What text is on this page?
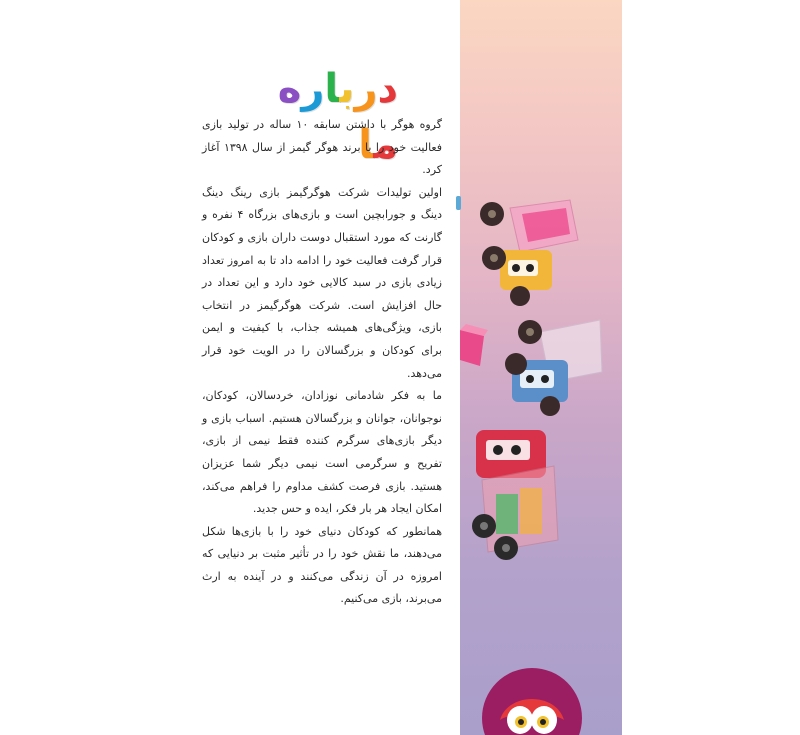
درباره ما

گروه هوگر با داشتن سابقه ۱۰ ساله در تولید بازی فعالیت خود را با برند هوگر گیمز از سال ۱۳۹۸ آغاز کرد.

اولین تولیدات شرکت هوگرگیمز بازی رینگ دینگ دینگ و جورابچین است و بازی‌های بزرگاه ۴ نفره و گارنت که مورد استقبال دوست داران بازی و کودکان قرار گرفت فعالیت خود را ادامه داد تا به امروز تعداد زیادی بازی در سبد کالایی خود دارد و این تعداد در حال افزایش است. شرکت هوگرگیمز در انتخاب بازی، ویژگی‌های همیشه جذاب، با کیفیت و ایمن برای کودکان و بزرگسالان را در الویت خود قرار می‌دهد.

ما به فکر شادمانی نوزادان، خردسالان، کودکان، نوجوانان، جوانان و بزرگسالان هستیم. اسباب بازی و دیگر بازی‌های سرگرم کننده فقط نیمی از بازی، تفریح و سرگرمی است نیمی دیگر شما عزیزان هستید. بازی فرصت کشف مداوم را فراهم می‌کند، امکان ایجاد هر بار فکر، ایده و حس جدید.

همانطور که کودکان دنیای خود را با بازی‌ها شکل می‌دهند، ما نقش خود را در تأثیر مثبت بر دنیایی که امروزه در آن زندگی می‌کنند و در آینده به ارث می‌برند، بازی می‌کنیم.
